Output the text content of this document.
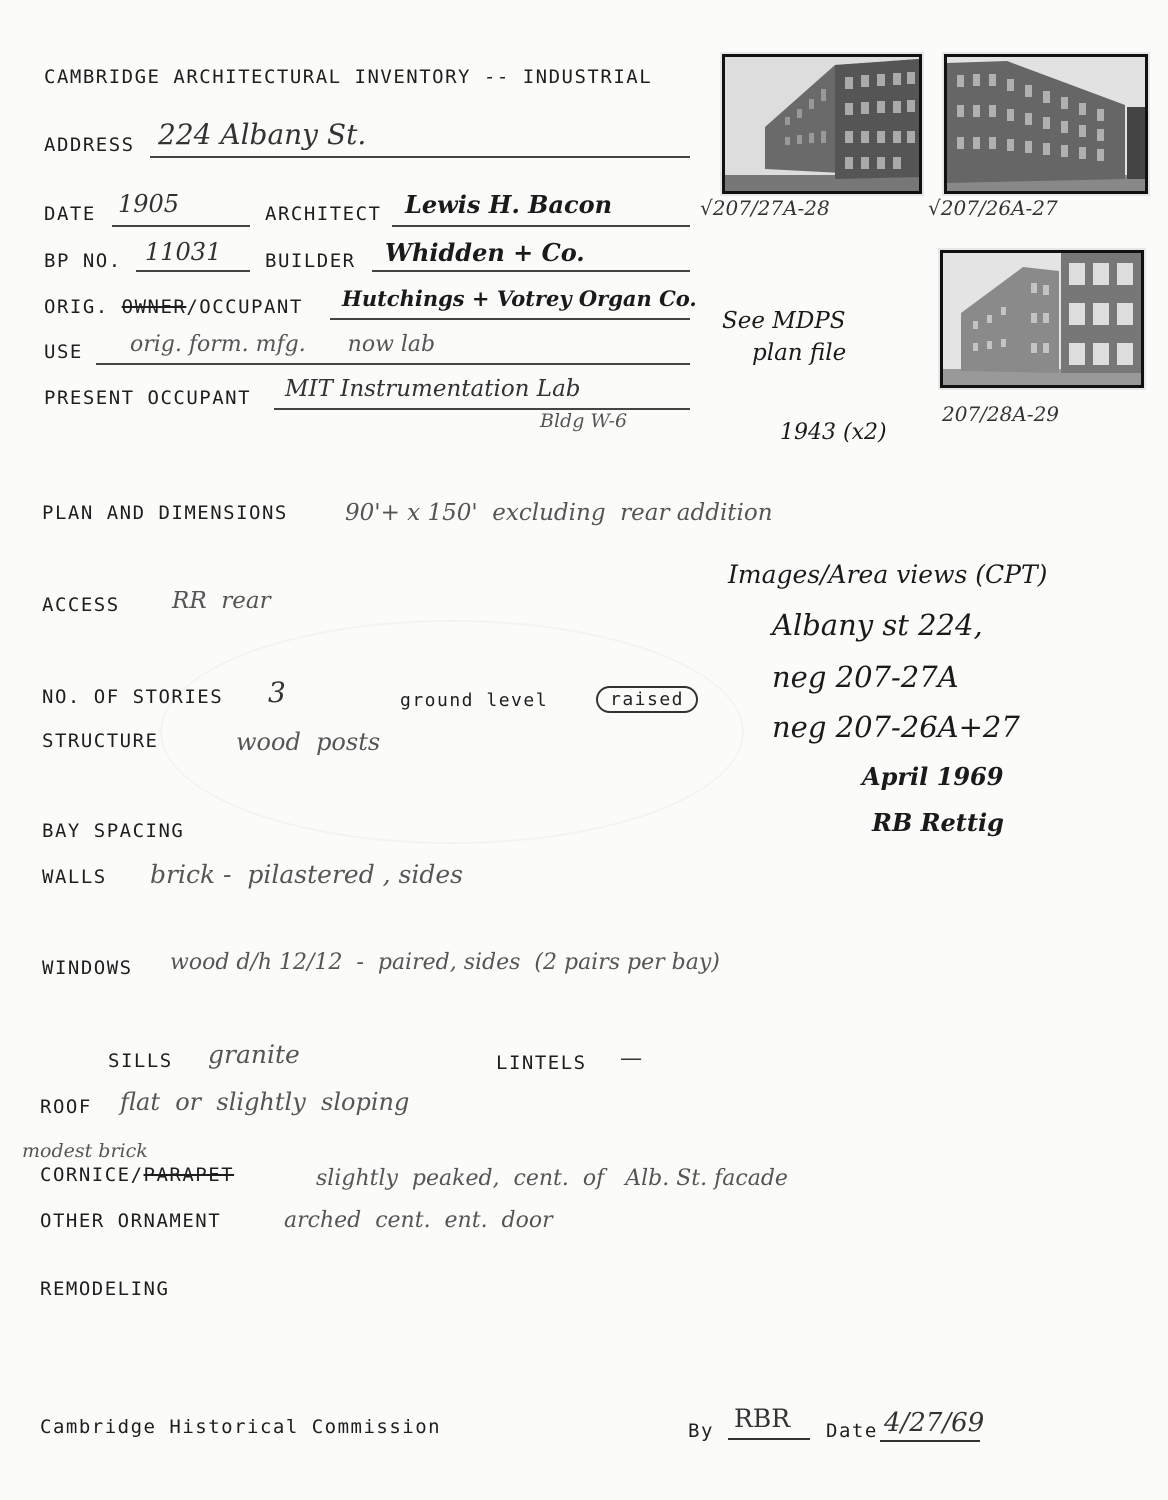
CAMBRIDGE ARCHITECTURAL INVENTORY -- INDUSTRIAL
ADDRESS 224 Albany St.
DATE 1905	ARCHITECT Lewis H. Bacon
BP NO. 11031 BUILDER Whidden + Co.
ORIG. OWNER/OCCUPANT Hutchings + Votrey Organ Co.
USE orig. form. mfg.      now lab
PRESENT OCCUPANT MIT Instrumentation Lab
Bldg W-6
√207/27A-28	√207/26A-27
207/28A-29
See MDPS
plan file
1943 (x2)
PLAN AND DIMENSIONS 90'+ x 150'  excluding  rear addition
Images/Area views (CPT)
Albany st 224,
neg 207-27A
neg 207-26A+27
ACCESS RR  rear
NO. OF STORIES 3	ground level	raised
STRUCTURE	wood  posts
April 1969
RB Rettig
BAY SPACING
WALLS brick -  pilastered , sides
WINDOWS wood d/h 12/12  -  paired, sides  (2 pairs per bay)
SILLS granite	LINTELS —
ROOF flat  or  slightly  sloping
modest brick
CORNICE/PARAPET	slightly  peaked,  cent.  of   Alb. St. facade
OTHER ORNAMENT	arched  cent.  ent.  door
REMODELING
Cambridge Historical Commission	By RBR Date 4/27/69
